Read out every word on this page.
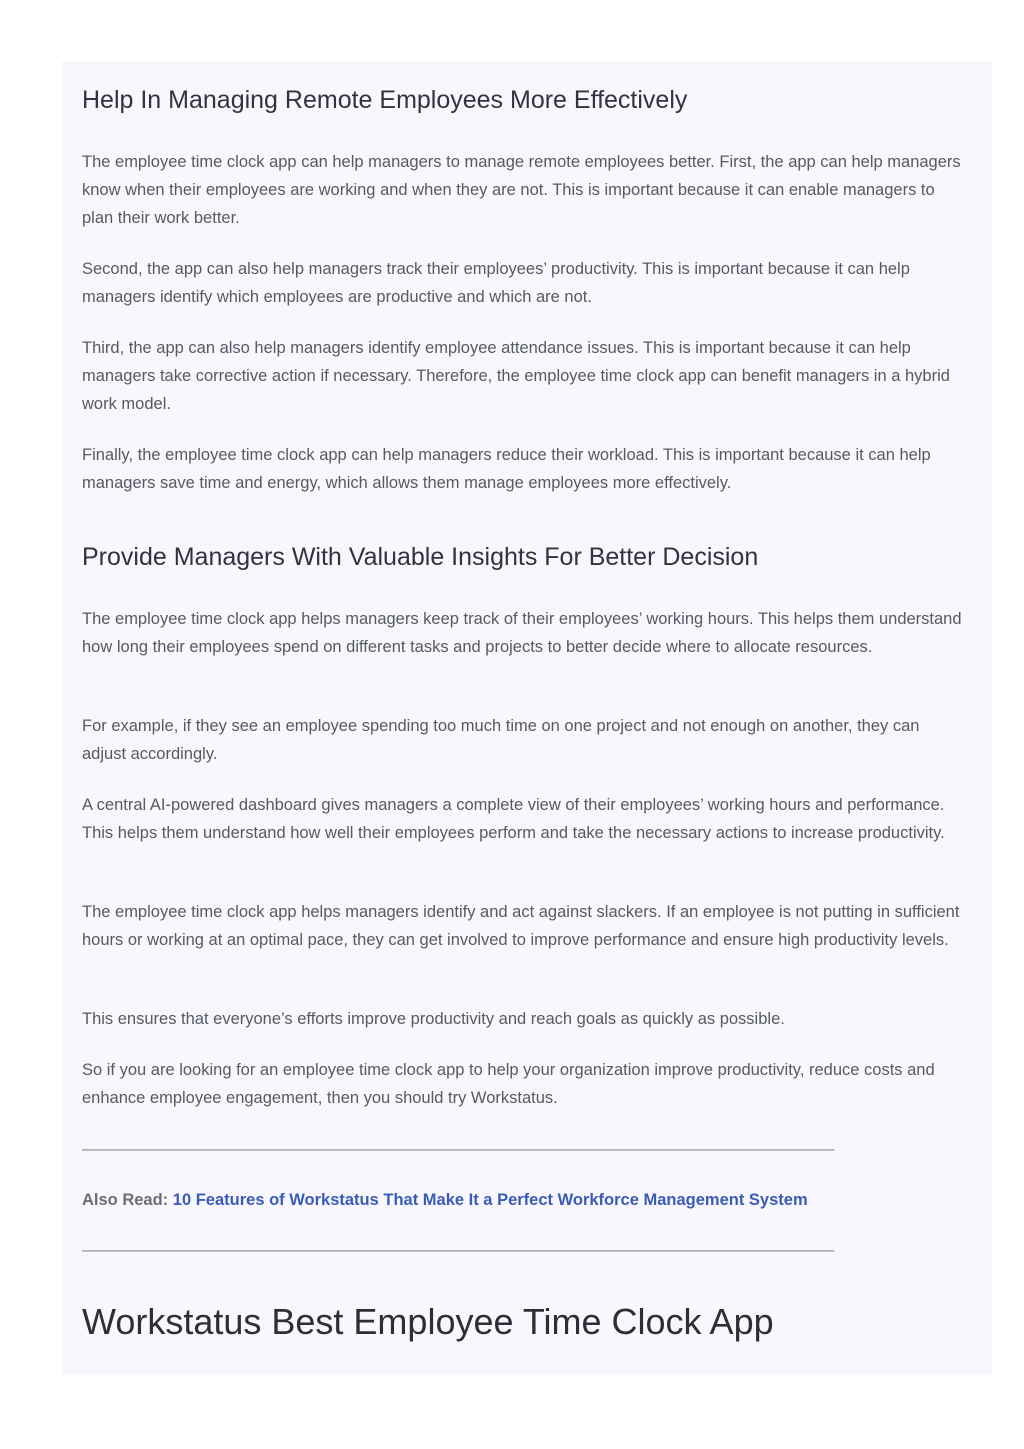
Help In Managing Remote Employees More Effectively

The employee time clock app can help managers to manage remote employees better. First, the app can help managers know when their employees are working and when they are not. This is important because it can enable managers to plan their work better.

Second, the app can also help managers track their employees’ productivity. This is important because it can help managers identify which employees are productive and which are not.

Third, the app can also help managers identify employee attendance issues. This is important because it can help managers take corrective action if necessary. Therefore, the employee time clock app can benefit managers in a hybrid work model.

Finally, the employee time clock app can help managers reduce their workload. This is important because it can help managers save time and energy, which allows them manage employees more effectively.

Provide Managers With Valuable Insights For Better Decision

The employee time clock app helps managers keep track of their employees’ working hours. This helps them understand how long their employees spend on different tasks and projects to better decide where to allocate resources.

For example, if they see an employee spending too much time on one project and not enough on another, they can adjust accordingly.

A central AI-powered dashboard gives managers a complete view of their employees’ working hours and performance. This helps them understand how well their employees perform and take the necessary actions to increase productivity.

The employee time clock app helps managers identify and act against slackers. If an employee is not putting in sufficient hours or working at an optimal pace, they can get involved to improve performance and ensure high productivity levels.

This ensures that everyone’s efforts improve productivity and reach goals as quickly as possible.

So if you are looking for an employee time clock app to help your organization improve productivity, reduce costs and enhance employee engagement, then you should try Workstatus.

———————————————————————————————————————————————

Also Read: 10 Features of Workstatus That Make It a Perfect Workforce Management System

———————————————————————————————————————————————
Workstatus Best Employee Time Clock App
